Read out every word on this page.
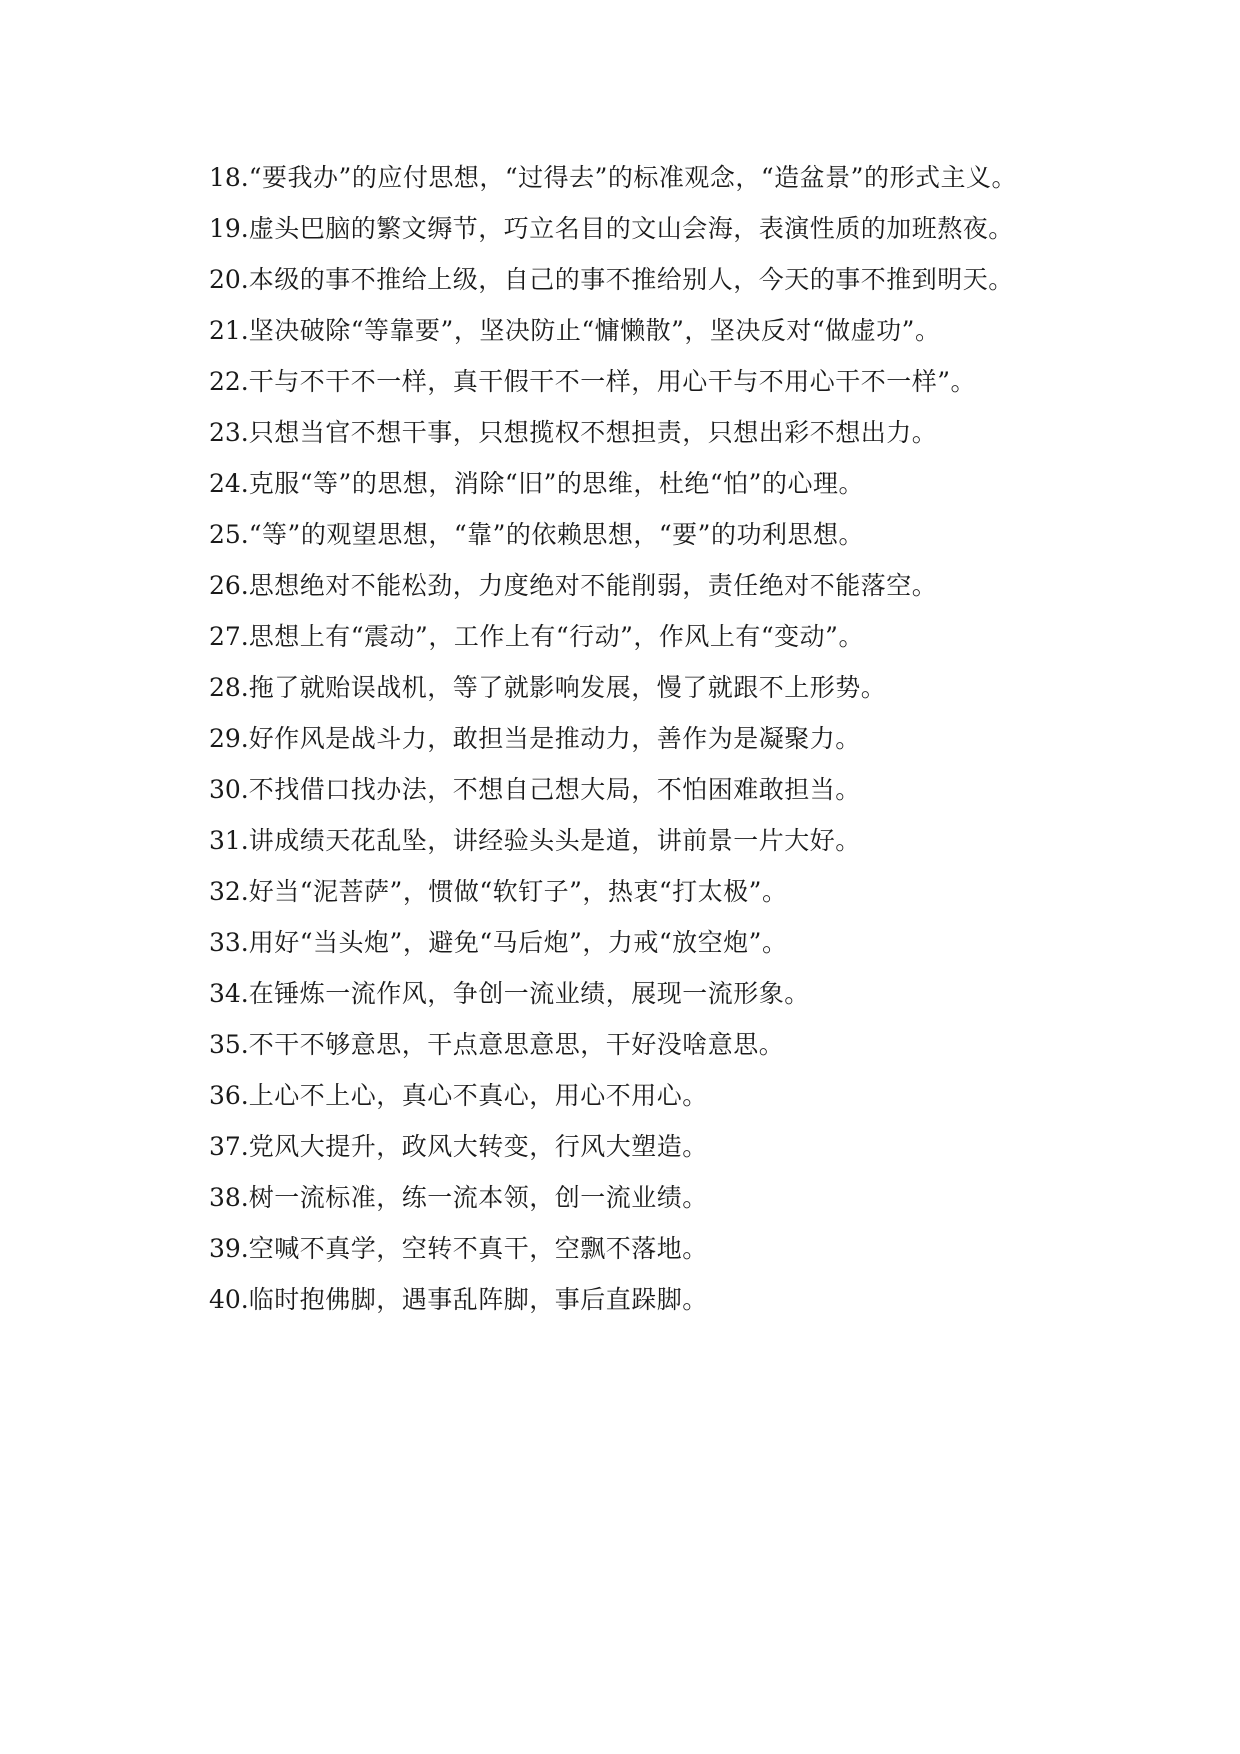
18.“要我办”的应付思想，“过得去”的标准观念，“造盆景”的形式主义。

19.虚头巴脑的繁文缛节，巧立名目的文山会海，表演性质的加班熬夜。

20.本级的事不推给上级，自己的事不推给别人，今天的事不推到明天。

21.坚决破除“等靠要”，坚决防止“慵懒散”，坚决反对“做虚功”。

22.干与不干不一样，真干假干不一样，用心干与不用心干不一样”。

23.只想当官不想干事，只想揽权不想担责，只想出彩不想出力。

24.克服“等”的思想，消除“旧”的思维，杜绝“怕”的心理。

25.“等”的观望思想，“靠”的依赖思想，“要”的功利思想。

26.思想绝对不能松劲，力度绝对不能削弱，责任绝对不能落空。

27.思想上有“震动”，工作上有“行动”，作风上有“变动”。

28.拖了就贻误战机，等了就影响发展，慢了就跟不上形势。

29.好作风是战斗力，敢担当是推动力，善作为是凝聚力。

30.不找借口找办法，不想自己想大局，不怕困难敢担当。

31.讲成绩天花乱坠，讲经验头头是道，讲前景一片大好。

32.好当“泥菩萨”，惯做“软钉子”，热衷“打太极”。

33.用好“当头炮”，避免“马后炮”，力戒“放空炮”。

34.在锤炼一流作风，争创一流业绩，展现一流形象。

35.不干不够意思，干点意思意思，干好没啥意思。

36.上心不上心，真心不真心，用心不用心。

37.党风大提升，政风大转变，行风大塑造。

38.树一流标准，练一流本领，创一流业绩。

39.空喊不真学，空转不真干，空飘不落地。

40.临时抱佛脚，遇事乱阵脚，事后直跺脚。
